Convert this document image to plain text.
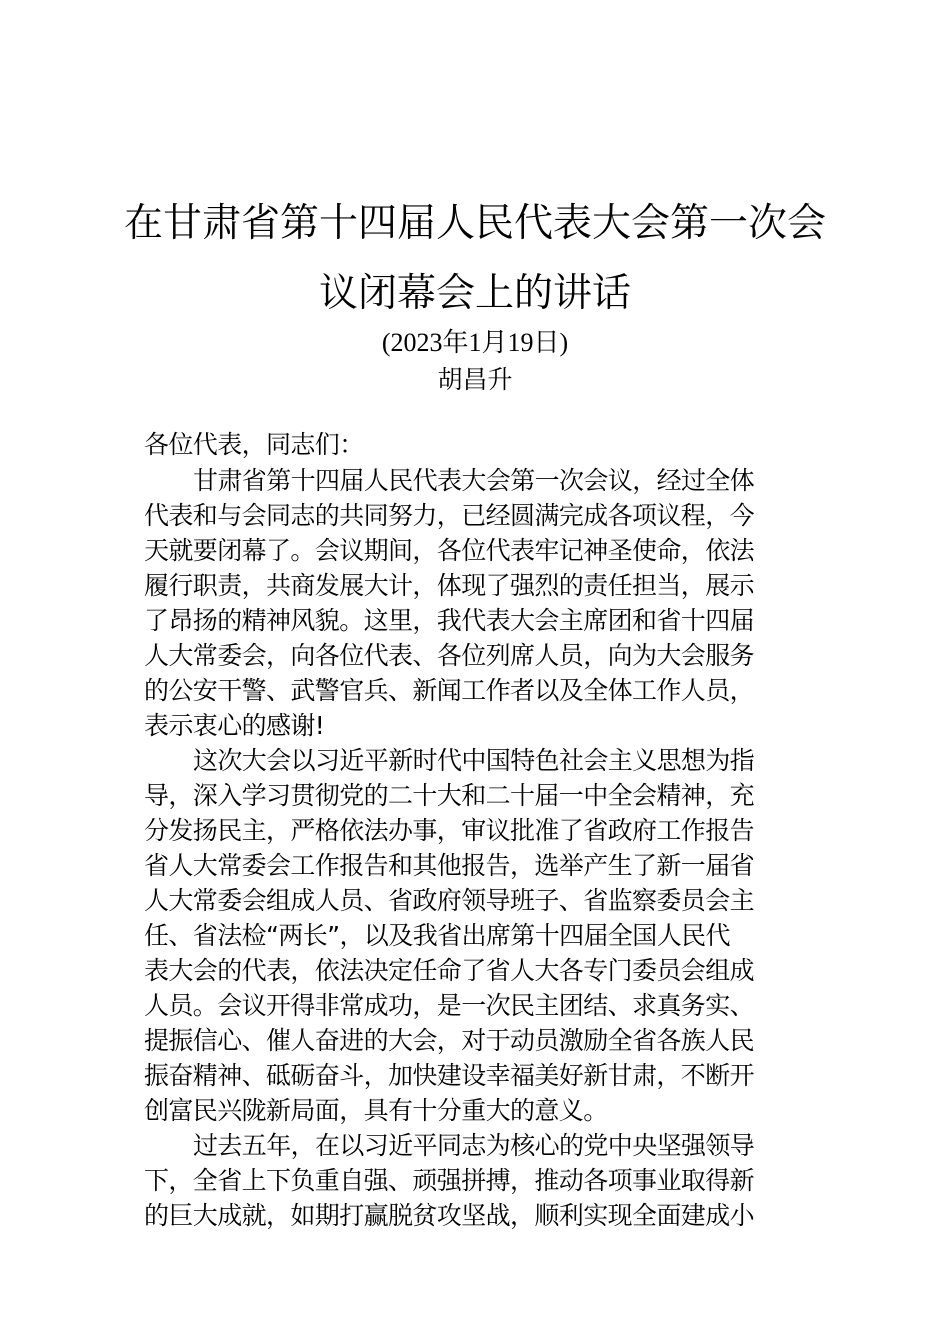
在甘肃省第十四届人民代表大会第一次会
议闭幕会上的讲话
(2023年1月19日)
胡昌升
各位代表，同志们：
甘肃省第十四届人民代表大会第一次会议，经过全体
代表和与会同志的共同努力，已经圆满完成各项议程，今
天就要闭幕了。会议期间，各位代表牢记神圣使命，依法
履行职责，共商发展大计，体现了强烈的责任担当，展示
了昂扬的精神风貌。这里，我代表大会主席团和省十四届
人大常委会，向各位代表、各位列席人员，向为大会服务
的公安干警、武警官兵、新闻工作者以及全体工作人员，
表示衷心的感谢!
这次大会以习近平新时代中国特色社会主义思想为指
导，深入学习贯彻党的二十大和二十届一中全会精神，充
分发扬民主，严格依法办事，审议批准了省政府工作报告
省人大常委会工作报告和其他报告，选举产生了新一届省
人大常委会组成人员、省政府领导班子、省监察委员会主
任、省法检“两长”，以及我省出席第十四届全国人民代
表大会的代表，依法决定任命了省人大各专门委员会组成
人员。会议开得非常成功，是一次民主团结、求真务实、
提振信心、催人奋进的大会，对于动员激励全省各族人民
振奋精神、砥砺奋斗，加快建设幸福美好新甘肃，不断开
创富民兴陇新局面，具有十分重大的意义。
过去五年，在以习近平同志为核心的党中央坚强领导
下，全省上下负重自强、顽强拼搏，推动各项事业取得新
的巨大成就，如期打赢脱贫攻坚战，顺利实现全面建成小
